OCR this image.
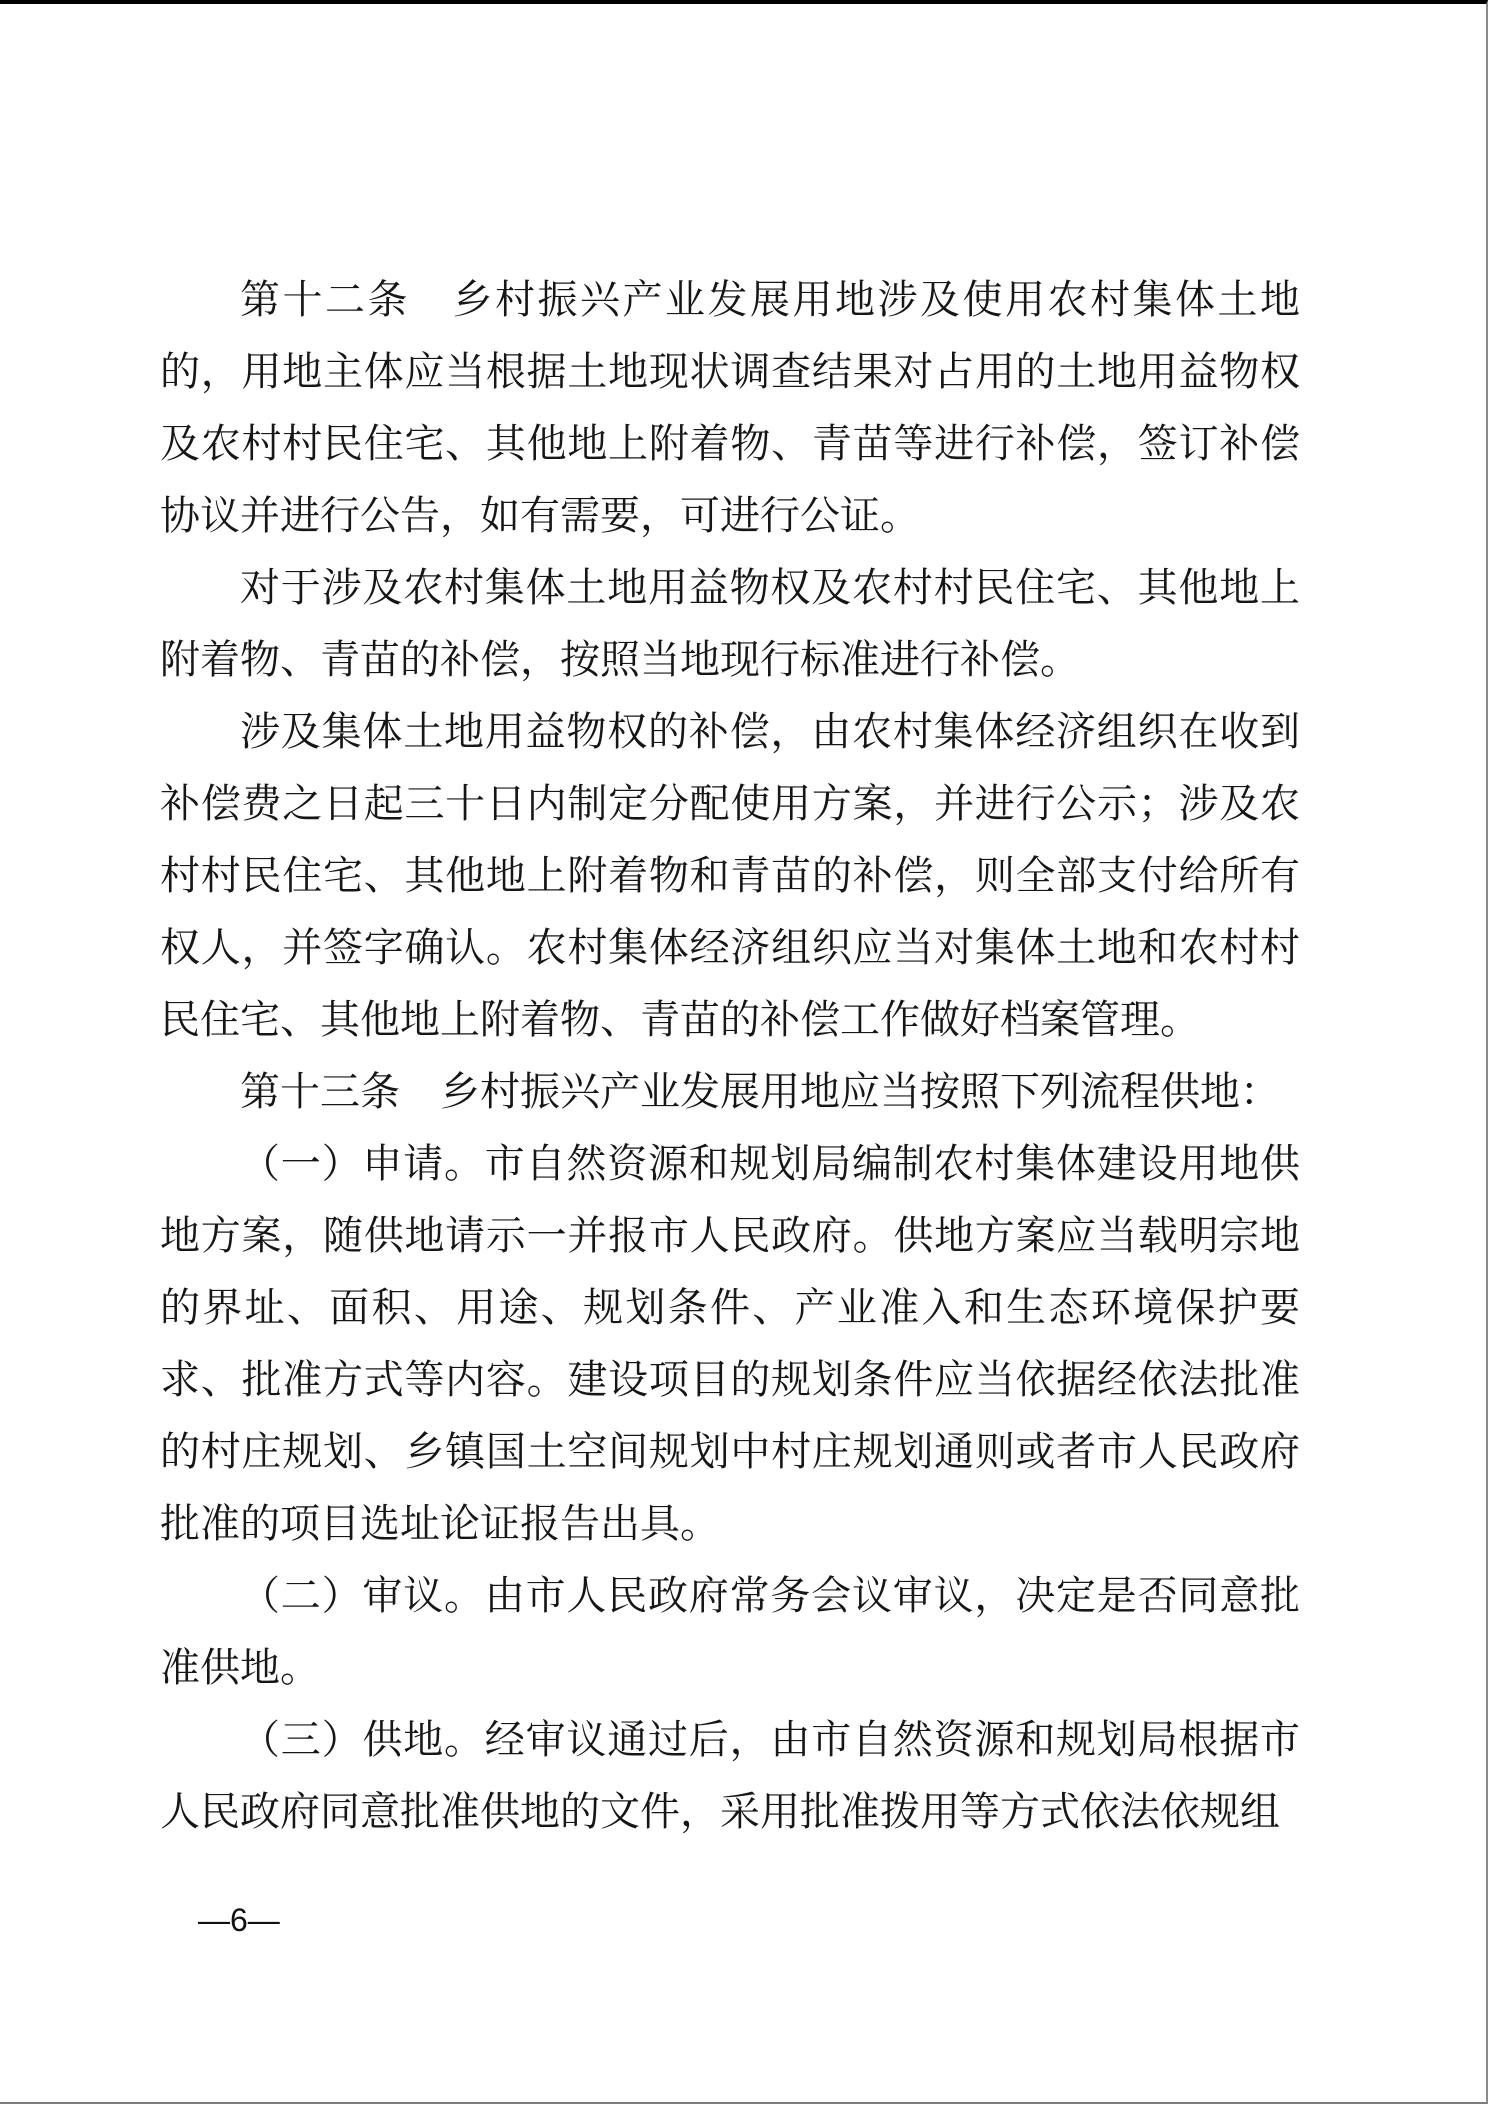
第十二条　乡村振兴产业发展用地涉及使用农村集体土地的，用地主体应当根据土地现状调查结果对占用的土地用益物权及农村村民住宅、其他地上附着物、青苗等进行补偿，签订补偿协议并进行公告，如有需要，可进行公证。

对于涉及农村集体土地用益物权及农村村民住宅、其他地上附着物、青苗的补偿，按照当地现行标准进行补偿。

涉及集体土地用益物权的补偿，由农村集体经济组织在收到补偿费之日起三十日内制定分配使用方案，并进行公示；涉及农村村民住宅、其他地上附着物和青苗的补偿，则全部支付给所有权人，并签字确认。农村集体经济组织应当对集体土地和农村村民住宅、其他地上附着物、青苗的补偿工作做好档案管理。

第十三条　乡村振兴产业发展用地应当按照下列流程供地：

（一）申请。市自然资源和规划局编制农村集体建设用地供地方案，随供地请示一并报市人民政府。供地方案应当载明宗地的界址、面积、用途、规划条件、产业准入和生态环境保护要求、批准方式等内容。建设项目的规划条件应当依据经依法批准的村庄规划、乡镇国土空间规划中村庄规划通则或者市人民政府批准的项目选址论证报告出具。

（二）审议。由市人民政府常务会议审议，决定是否同意批准供地。

（三）供地。经审议通过后，由市自然资源和规划局根据市人民政府同意批准供地的文件，采用批准拨用等方式依法依规组

—6—
